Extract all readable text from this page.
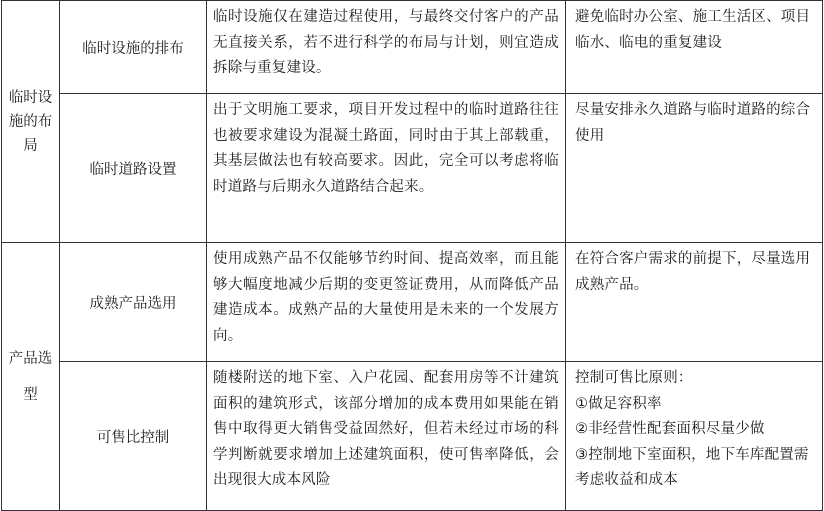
临时设施的布局	临时设施的排布	临时设施仅在建造过程使用，与最终交付客户的产品无直接关系，若不进行科学的布局与计划，则宜造成拆除与重复建设。	避免临时办公室、施工生活区、项目临水、临电的重复建设
	临时道路设置	出于文明施工要求，项目开发过程中的临时道路往往也被要求建设为混凝土路面，同时由于其上部载重，其基层做法也有较高要求。因此，完全可以考虑将临时道路与后期永久道路结合起来。	尽量安排永久道路与临时道路的综合使用
产品选型	成熟产品选用	使用成熟产品不仅能够节约时间、提高效率，而且能够大幅度地减少后期的变更签证费用，从而降低产品建造成本。成熟产品的大量使用是未来的一个发展方向。	在符合客户需求的前提下，尽量选用成熟产品。
	可售比控制	随楼附送的地下室、入户花园、配套用房等不计建筑面积的建筑形式，该部分增加的成本费用如果能在销售中取得更大销售受益固然好，但若未经过市场的科学判断就要求增加上述建筑面积，使可售率降低，会出现很大成本风险	控制可售比原则：
①做足容积率
②非经营性配套面积尽量少做
③控制地下室面积，地下车库配置需考虑收益和成本
